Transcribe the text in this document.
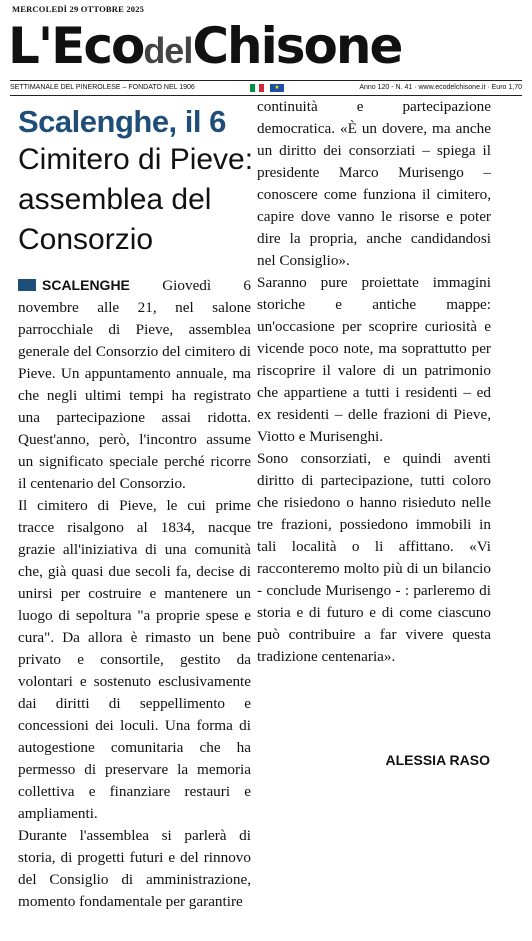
MERCOLEDÌ 29 OTTOBRE 2025
L'EcodelChisone
SETTIMANALE DEL PINEROLESE – FONDATO NEL 1906	★	Anno 120 - N. 41 · www.ecodelchisone.it · Euro 1,70
Scalenghe, il 6
Cimitero di Pieve: assemblea del Consorzio

SCALENGHE Giovedì 6 novembre alle 21, nel salone parrocchiale di Pieve, assemblea generale del Consorzio del cimitero di Pieve. Un appuntamento annuale, ma che negli ultimi tempi ha registrato una partecipazione assai ridotta. Quest'anno, però, l'incontro assume un significato speciale perché ricorre il centenario del Consorzio.

Il cimitero di Pieve, le cui prime tracce risalgono al 1834, nacque grazie all'iniziativa di una comunità che, già quasi due secoli fa, decise di unirsi per costruire e mantenere un luogo di sepoltura "a proprie spese e cura". Da allora è rimasto un bene privato e consortile, gestito da volontari e sostenuto esclusivamente dai diritti di seppellimento e concessioni dei loculi. Una forma di autogestione comunitaria che ha permesso di preservare la memoria collettiva e finanziare restauri e ampliamenti.

Durante l'assemblea si parlerà di storia, di progetti futuri e del rinnovo del Consiglio di amministrazione, momento fondamentale per garantire

continuità e partecipazione democratica. «È un dovere, ma anche un diritto dei consorziati – spiega il presidente Marco Murisengo – conoscere come funziona il cimitero, capire dove vanno le risorse e poter dire la propria, anche candidandosi nel Consiglio».

Saranno pure proiettate immagini storiche e antiche mappe: un'occasione per scoprire curiosità e vicende poco note, ma soprattutto per riscoprire il valore di un patrimonio che appartiene a tutti i residenti – ed ex residenti – delle frazioni di Pieve, Viotto e Murisenghi.

Sono consorziati, e quindi aventi diritto di partecipazione, tutti coloro che risiedono o hanno risieduto nelle tre frazioni, possiedono immobili in tali località o li affittano. «Vi racconteremo molto più di un bilancio - conclude Murisengo - : parleremo di storia e di futuro e di come ciascuno può contribuire a far vivere questa tradizione centenaria».

ALESSIA RASO
